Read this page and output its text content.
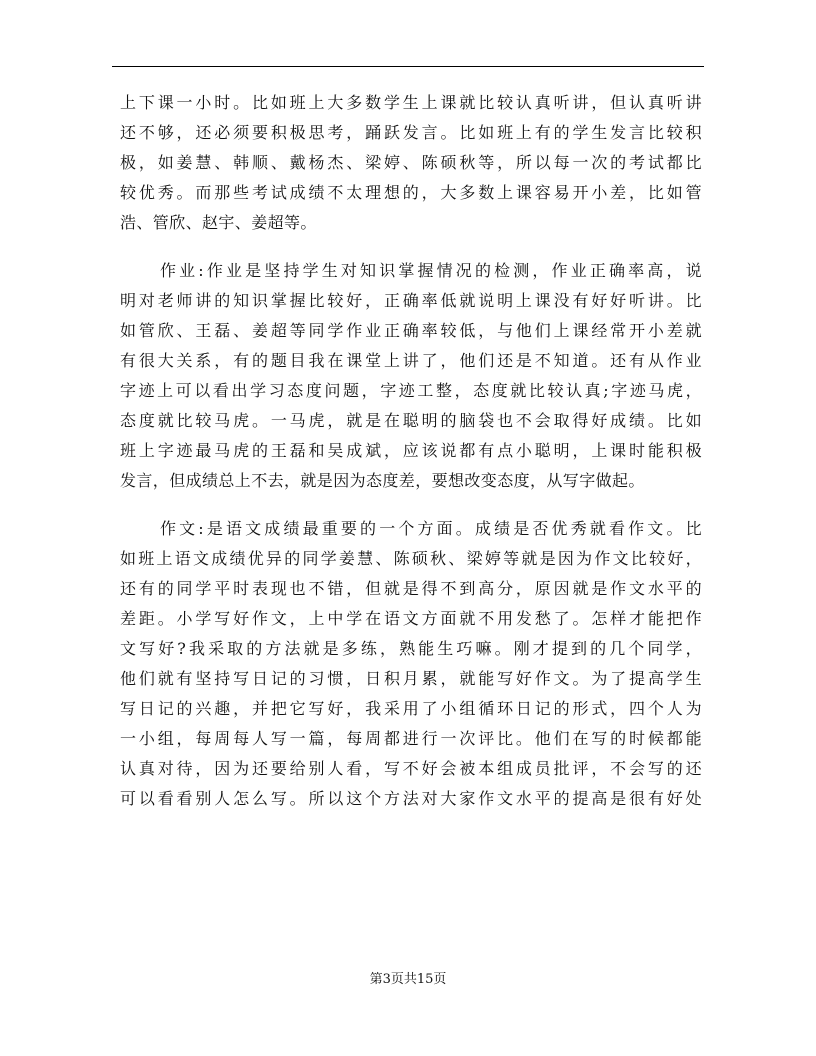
上下课一小时。比如班上大多数学生上课就比较认真听讲，但认真听讲
还不够，还必须要积极思考，踊跃发言。比如班上有的学生发言比较积
极，如姜慧、韩顺、戴杨杰、梁婷、陈硕秋等，所以每一次的考试都比
较优秀。而那些考试成绩不太理想的，大多数上课容易开小差，比如管
浩、管欣、赵宇、姜超等。
作业:作业是坚持学生对知识掌握情况的检测，作业正确率高，说
明对老师讲的知识掌握比较好，正确率低就说明上课没有好好听讲。比
如管欣、王磊、姜超等同学作业正确率较低，与他们上课经常开小差就
有很大关系，有的题目我在课堂上讲了，他们还是不知道。还有从作业
字迹上可以看出学习态度问题，字迹工整，态度就比较认真;字迹马虎，
态度就比较马虎。一马虎，就是在聪明的脑袋也不会取得好成绩。比如
班上字迹最马虎的王磊和吴成斌，应该说都有点小聪明，上课时能积极
发言，但成绩总上不去，就是因为态度差，要想改变态度，从写字做起。
作文:是语文成绩最重要的一个方面。成绩是否优秀就看作文。比
如班上语文成绩优异的同学姜慧、陈硕秋、梁婷等就是因为作文比较好，
还有的同学平时表现也不错，但就是得不到高分，原因就是作文水平的
差距。小学写好作文，上中学在语文方面就不用发愁了。怎样才能把作
文写好?我采取的方法就是多练，熟能生巧嘛。刚才提到的几个同学，
他们就有坚持写日记的习惯，日积月累，就能写好作文。为了提高学生
写日记的兴趣，并把它写好，我采用了小组循环日记的形式，四个人为
一小组，每周每人写一篇，每周都进行一次评比。他们在写的时候都能
认真对待，因为还要给别人看，写不好会被本组成员批评，不会写的还
可以看看别人怎么写。所以这个方法对大家作文水平的提高是很有好处
第3页共15页
